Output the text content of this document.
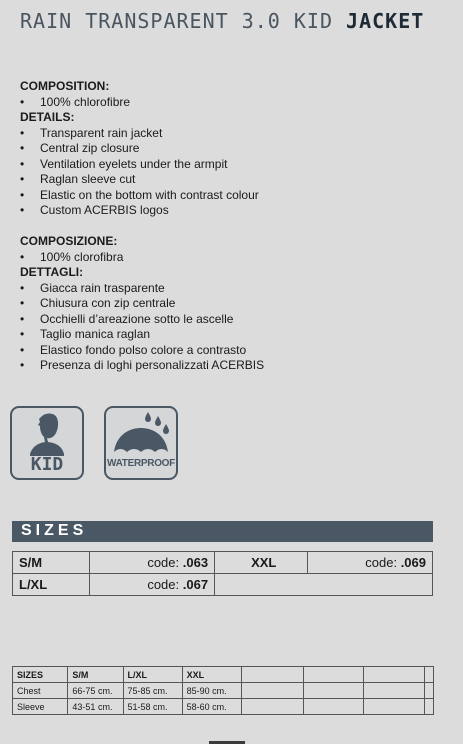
RAIN TRANSPARENT 3.0 KID JACKET
COMPOSITION:
• 100% chlorofibre
DETAILS:
• Transparent rain jacket
• Central zip closure
• Ventilation eyelets under the armpit
• Raglan sleeve cut
• Elastic on the bottom with contrast colour
• Custom ACERBIS logos
COMPOSIZIONE:
• 100% clorofibra
DETTAGLI:
• Giacca rain trasparente
• Chiusura con zip centrale
• Occhielli d’areazione sotto le ascelle
• Taglio manica raglan
• Elastico fondo polso colore a contrasto
• Presenza di loghi personalizzati ACERBIS
KID	WATERPROOF
SIZES
S/M	code: .063	XXL	code: .069
L/XL	code: .067		
SIZES	S/M	L/XL	XXL				
Chest	66-75 cm.	75-85 cm.	85-90 cm.				
Sleeve	43-51 cm.	51-58 cm.	58-60 cm.				
